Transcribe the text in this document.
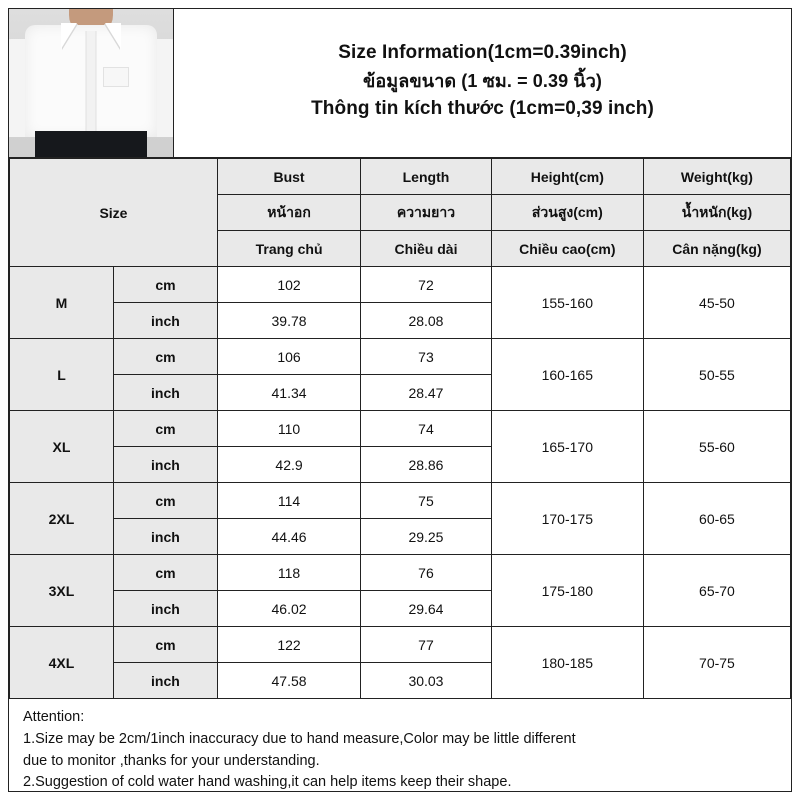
Size Information(1cm=0.39inch)
ข้อมูลขนาด (1 ซม. = 0.39 นิ้ว)
Thông tin kích thước (1cm=0,39 inch)
Size		Bust	Length	Height(cm)	Weight(kg)
		หน้าอก	ความยาว	ส่วนสูง(cm)	น้ำหนัก(kg)
		Trang chủ	Chiều dài	Chiều cao(cm)	Cân nặng(kg)
M	cm	102	72	155-160	45-50
	inch	39.78	28.08		
L	cm	106	73	160-165	50-55
	inch	41.34	28.47		
XL	cm	110	74	165-170	55-60
	inch	42.9	28.86		
2XL	cm	114	75	170-175	60-65
	inch	44.46	29.25		
3XL	cm	118	76	175-180	65-70
	inch	46.02	29.64		
4XL	cm	122	77	180-185	70-75
	inch	47.58	30.03		
Attention:
1.Size may be 2cm/1inch inaccuracy due to hand measure,Color may be little different
due to monitor ,thanks for your understanding.
2.Suggestion of cold water hand washing,it can help items keep their shape.
